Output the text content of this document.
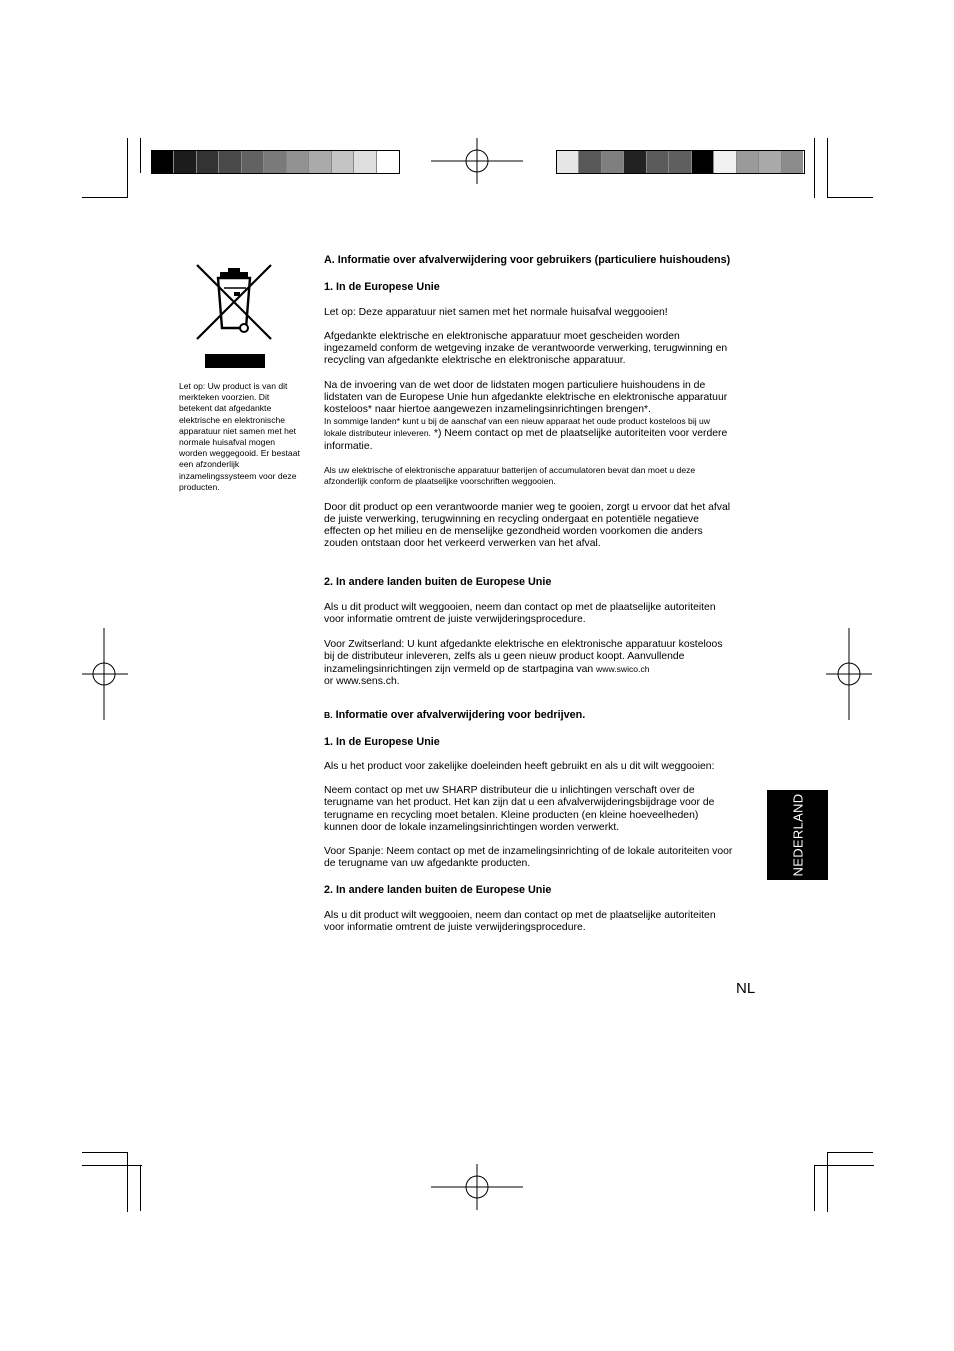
Let op: Uw product is van dit merkteken voorzien. Dit betekent dat afgedankte elektrische en elektronische apparatuur niet samen met het normale huisafval mogen worden weggegooid. Er bestaat een afzonderlijk inzamelingssysteem voor deze producten.
A. Informatie over afvalverwijdering voor gebruikers (particuliere huishoudens)
1. In de Europese Unie

Let op: Deze apparatuur niet samen met het normale huisafval weggooien!

Afgedankte elektrische en elektronische apparatuur moet gescheiden worden ingezameld conform de wetgeving inzake de verantwoorde verwerking, terugwinning en recycling van afgedankte elektrische en elektronische apparatuur.

Na de invoering van de wet door de lidstaten mogen particuliere huishoudens in de lidstaten van de Europese Unie hun afgedankte elektrische en elektronische apparatuur kosteloos* naar hiertoe aangewezen inzamelingsinrichtingen brengen*.
In sommige landen* kunt u bij de aanschaf van een nieuw apparaat het oude product kosteloos bij uw lokale distributeur inleveren. *) Neem contact op met de plaatselijke autoriteiten voor verdere informatie.

Als uw elektrische of elektronische apparatuur batterijen of accumulatoren bevat dan moet u deze afzonderlijk conform de plaatselijke voorschriften weggooien.

Door dit product op een verantwoorde manier weg te gooien, zorgt u ervoor dat het afval de juiste verwerking, terugwinning en recycling ondergaat en potentiële negatieve effecten op het milieu en de menselijke gezondheid worden voorkomen die anders zouden ontstaan door het verkeerd verwerken van het afval.

2. In andere landen buiten de Europese Unie

Als u dit product wilt weggooien, neem dan contact op met de plaatselijke autoriteiten voor informatie omtrent de juiste verwijderingsprocedure.

Voor Zwitserland: U kunt afgedankte elektrische en elektronische apparatuur kosteloos bij de distributeur inleveren, zelfs als u geen nieuw product koopt. Aanvullende inzamelingsinrichtingen zijn vermeld op de startpagina van www.swico.ch
or www.sens.ch.

B. Informatie over afvalverwijdering voor bedrijven.
1. In de Europese Unie

Als u het product voor zakelijke doeleinden heeft gebruikt en als u dit wilt weggooien:

Neem contact op met uw SHARP distributeur die u inlichtingen verschaft over de terugname van het product. Het kan zijn dat u een afvalverwijderingsbijdrage voor de terugname en recycling moet betalen. Kleine producten (en kleine hoeveelheden) kunnen door de lokale inzamelingsinrichtingen worden verwerkt.

Voor Spanje: Neem contact op met de inzamelingsinrichting of de lokale autoriteiten voor de terugname van uw afgedankte producten.

2. In andere landen buiten de Europese Unie

Als u dit product wilt weggooien, neem dan contact op met de plaatselijke autoriteiten voor informatie omtrent de juiste verwijderingsprocedure.

NEDERLAND
NL
